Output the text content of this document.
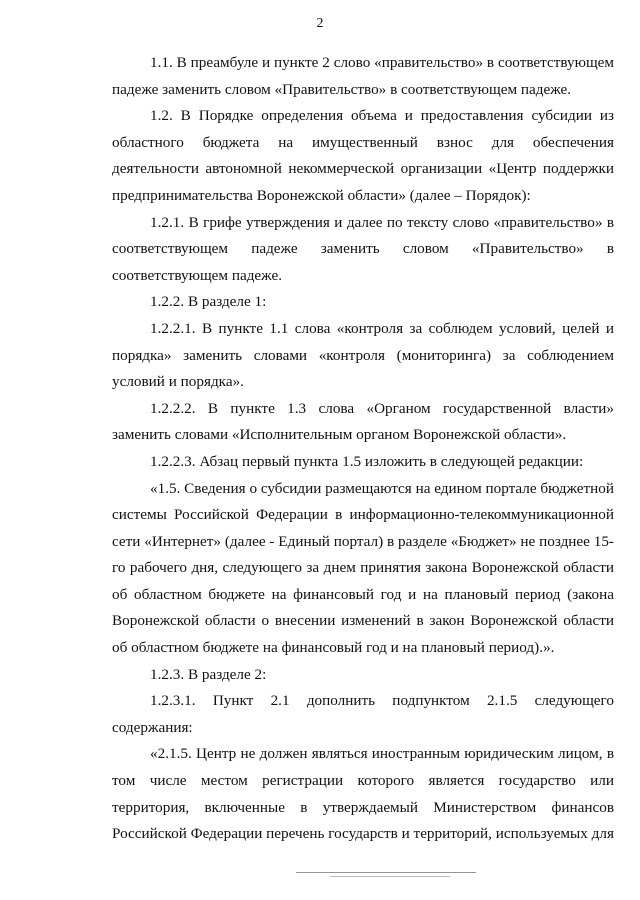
2

1.1. В преамбуле и пункте 2 слово «правительство» в соответствующем падеже заменить словом «Правительство» в соответствующем падеже.

1.2. В Порядке определения объема и предоставления субсидии из областного бюджета на имущественный взнос для обеспечения деятельности автономной некоммерческой организации «Центр поддержки предпринимательства Воронежской области» (далее – Порядок):

1.2.1. В грифе утверждения и далее по тексту слово «правительство» в соответствующем падеже заменить словом «Правительство» в соответствующем падеже.

1.2.2. В разделе 1:

1.2.2.1. В пункте 1.1 слова «контроля за соблюдем условий, целей и порядка» заменить словами «контроля (мониторинга) за соблюдением условий и порядка».

1.2.2.2. В пункте 1.3 слова «Органом государственной власти» заменить словами «Исполнительным органом Воронежской области».

1.2.2.3. Абзац первый пункта 1.5 изложить в следующей редакции:

«1.5. Сведения о субсидии размещаются на едином портале бюджетной системы Российской Федерации в информационно-телекоммуникационной сети «Интернет» (далее - Единый портал) в разделе «Бюджет» не позднее 15-го рабочего дня, следующего за днем принятия закона Воронежской области об областном бюджете на финансовый год и на плановый период (закона Воронежской области о внесении изменений в закон Воронежской области об областном бюджете на финансовый год и на плановый период).».

1.2.3. В разделе 2:

1.2.3.1. Пункт 2.1 дополнить подпунктом 2.1.5 следующего содержания:

«2.1.5. Центр не должен являться иностранным юридическим лицом, в том числе местом регистрации которого является государство или территория, включенные в утверждаемый Министерством финансов Российской Федерации перечень государств и территорий, используемых для
